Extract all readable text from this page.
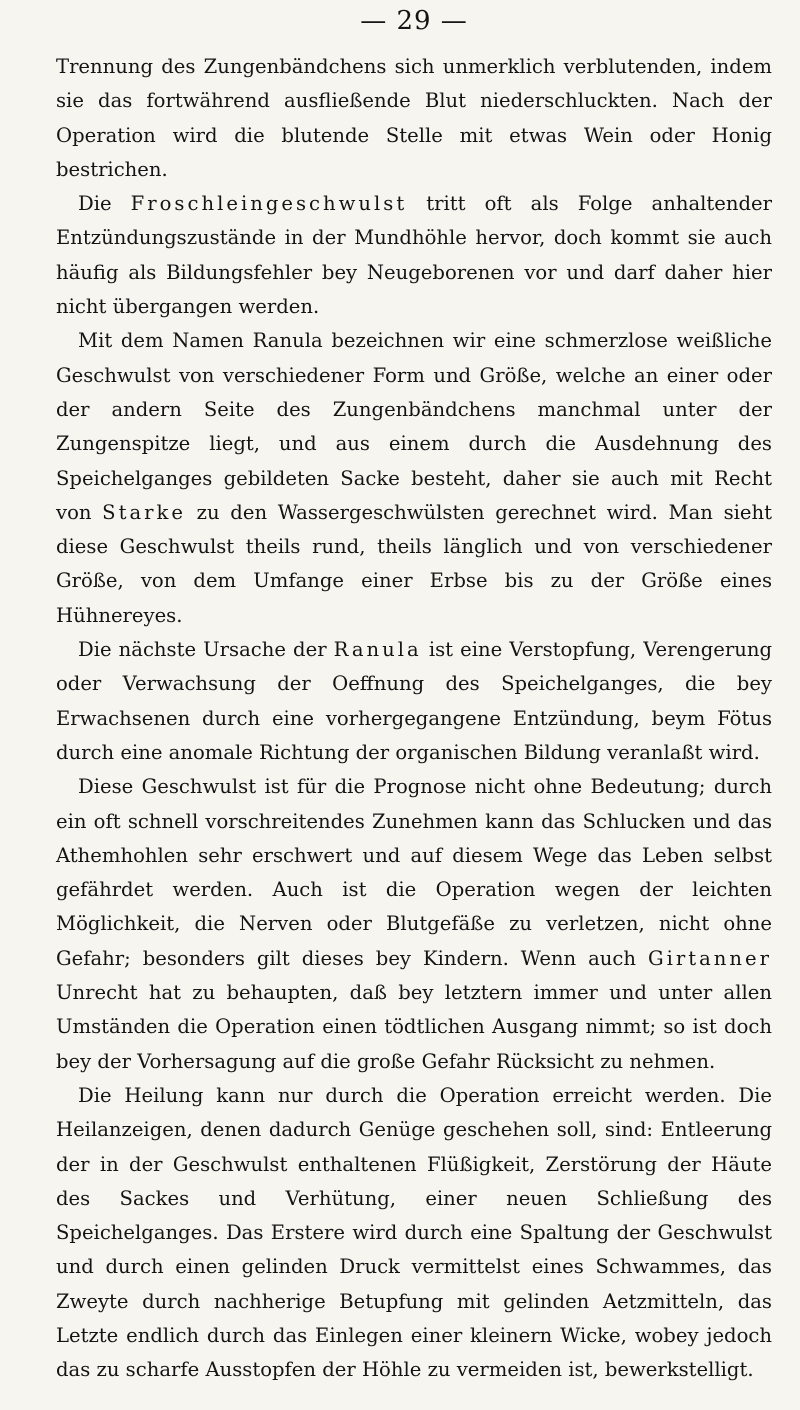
— 29 —

Trennung des Zungenbändchens sich unmerklich verblutenden, indem sie das fortwährend ausfließende Blut niederschluckten. Nach der Operation wird die blutende Stelle mit etwas Wein oder Honig bestrichen.

Die Froschleingeschwulst tritt oft als Folge anhaltender Entzündungszustände in der Mundhöhle hervor, doch kommt sie auch häufig als Bildungsfehler bey Neugeborenen vor und darf daher hier nicht übergangen werden.

Mit dem Namen Ranula bezeichnen wir eine schmerzlose weißliche Geschwulst von verschiedener Form und Größe, welche an einer oder der andern Seite des Zungenbändchens manchmal unter der Zungenspitze liegt, und aus einem durch die Ausdehnung des Speichelganges gebildeten Sacke besteht, daher sie auch mit Recht von Starke zu den Wassergeschwülsten gerechnet wird. Man sieht diese Geschwulst theils rund, theils länglich und von verschiedener Größe, von dem Umfange einer Erbse bis zu der Größe eines Hühnereyes.

Die nächste Ursache der Ranula ist eine Verstopfung, Verengerung oder Verwachsung der Oeffnung des Speichelganges, die bey Erwachsenen durch eine vorhergegangene Entzündung, beym Fötus durch eine anomale Richtung der organischen Bildung veranlaßt wird.

Diese Geschwulst ist für die Prognose nicht ohne Bedeutung; durch ein oft schnell vorschreitendes Zunehmen kann das Schlucken und das Athemhohlen sehr erschwert und auf diesem Wege das Leben selbst gefährdet werden. Auch ist die Operation wegen der leichten Möglichkeit, die Nerven oder Blutgefäße zu verletzen, nicht ohne Gefahr; besonders gilt dieses bey Kindern. Wenn auch Girtanner Unrecht hat zu behaupten, daß bey letztern immer und unter allen Umständen die Operation einen tödtlichen Ausgang nimmt; so ist doch bey der Vorhersagung auf die große Gefahr Rücksicht zu nehmen.

Die Heilung kann nur durch die Operation erreicht werden. Die Heilanzeigen, denen dadurch Genüge geschehen soll, sind: Entleerung der in der Geschwulst enthaltenen Flüßigkeit, Zerstörung der Häute des Sackes und Verhütung, einer neuen Schließung des Speichelganges. Das Erstere wird durch eine Spaltung der Geschwulst und durch einen gelinden Druck vermittelst eines Schwammes, das Zweyte durch nachherige Betupfung mit gelinden Aetzmitteln, das Letzte endlich durch das Einlegen einer kleinern Wicke, wobey jedoch das zu scharfe Ausstopfen der Höhle zu vermeiden ist, bewerkstelligt.
